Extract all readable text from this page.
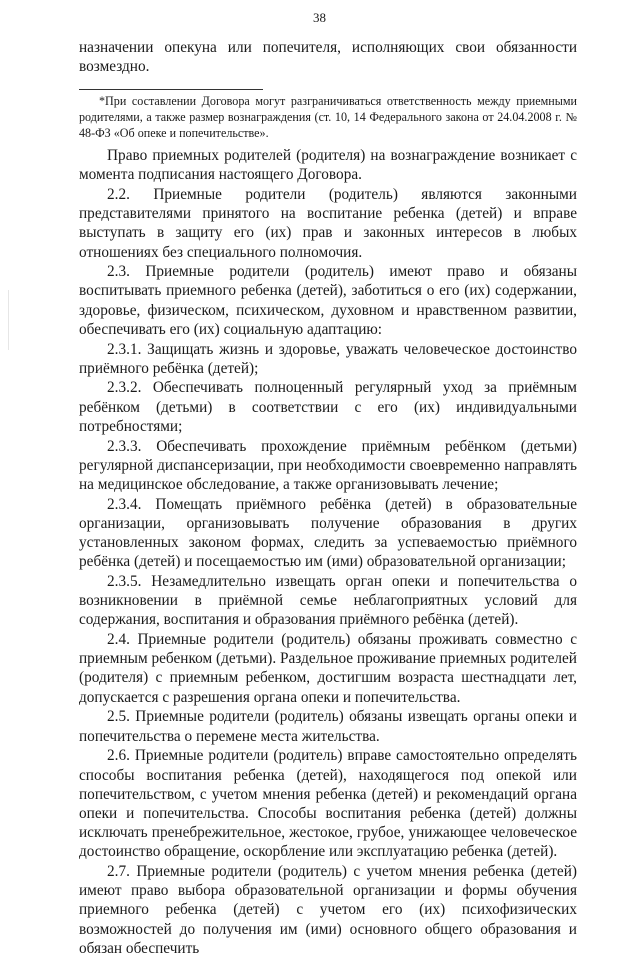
38

назначении опекуна или попечителя, исполняющих свои обязанности возмездно.

*При составлении Договора могут разграничиваться ответственность между приемными родителями, а также размер вознаграждения (ст. 10, 14 Федерального закона от 24.04.2008 г. № 48-ФЗ «Об опеке и попечительстве».

Право приемных родителей (родителя) на вознаграждение возникает с момента подписания настоящего Договора.

2.2. Приемные родители (родитель) являются законными представителями принятого на воспитание ребенка (детей) и вправе выступать в защиту его (их) прав и законных интересов в любых отношениях без специального полномочия.

2.3. Приемные родители (родитель) имеют право и обязаны воспитывать приемного ребенка (детей), заботиться о его (их) содержании, здоровье, физическом, психическом, духовном и нравственном развитии, обеспечивать его (их) социальную адаптацию:

2.3.1. Защищать жизнь и здоровье, уважать человеческое достоинство приёмного ребёнка (детей);

2.3.2. Обеспечивать полноценный регулярный уход за приёмным ребёнком (детьми) в соответствии с его (их) индивидуальными потребностями;

2.3.3. Обеспечивать прохождение приёмным ребёнком (детьми) регулярной диспансеризации, при необходимости своевременно направлять на медицинское обследование, а также организовывать лечение;

2.3.4. Помещать приёмного ребёнка (детей) в образовательные организации, организовывать получение образования в других установленных законом формах, следить за успеваемостью приёмного ребёнка (детей) и посещаемостью им (ими) образовательной организации;

2.3.5. Незамедлительно извещать орган опеки и попечительства о возникновении в приёмной семье неблагоприятных условий для содержания, воспитания и образования приёмного ребёнка (детей).

2.4. Приемные родители (родитель) обязаны проживать совместно с приемным ребенком (детьми). Раздельное проживание приемных родителей (родителя) с приемным ребенком, достигшим возраста шестнадцати лет, допускается с разрешения органа опеки и попечительства.

2.5. Приемные родители (родитель) обязаны извещать органы опеки и попечительства о перемене места жительства.

2.6. Приемные родители (родитель) вправе самостоятельно определять способы воспитания ребенка (детей), находящегося под опекой или попечительством, с учетом мнения ребенка (детей) и рекомендаций органа опеки и попечительства. Способы воспитания ребенка (детей) должны исключать пренебрежительное, жестокое, грубое, унижающее человеческое достоинство обращение, оскорбление или эксплуатацию ребенка (детей).

2.7. Приемные родители (родитель) с учетом мнения ребенка (детей) имеют право выбора образовательной организации и формы обучения приемного ребенка (детей) с учетом его (их) психофизических возможностей до получения им (ими) основного общего образования и обязан обеспечить
